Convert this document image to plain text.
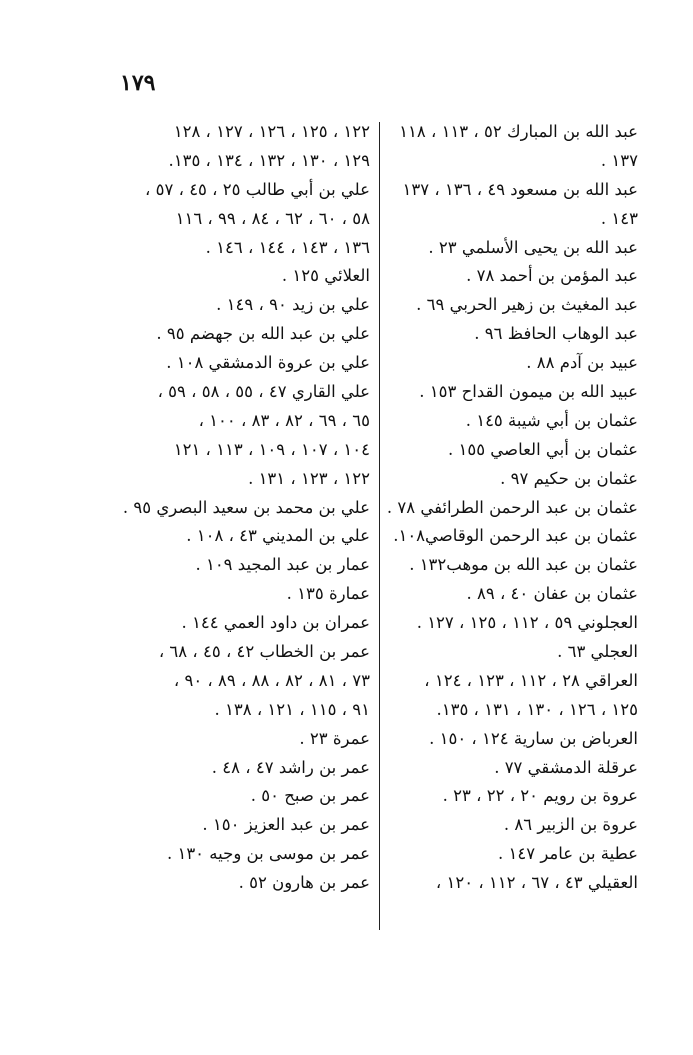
١٧٩
عبد الله بن المبارك ٥٢ ، ١١٣ ، ١١٨
١٣٧ .
عبد الله بن مسعود ٤٩ ، ١٣٦ ، ١٣٧
١٤٣ .
عبد الله بن يحيى الأسلمي ٢٣ .
عبد المؤمن بن أحمد ٧٨ .
عبد المغيث بن زهير الحربي ٦٩ .
عبد الوهاب الحافظ ٩٦ .
عبيد بن آدم ٨٨ .
عبيد الله بن ميمون القداح ١٥٣ .
عثمان بن أبي شيبة ١٤٥ .
عثمان بن أبي العاصي ١٥٥ .
عثمان بن حكيم ٩٧ .
عثمان بن عبد الرحمن الطرائفي ٧٨ .
عثمان بن عبد الرحمن الوقاصي١٠٨.
عثمان بن عبد الله بن موهب١٣٢ .
عثمان بن عفان ٤٠ ، ٨٩ .
العجلوني ٥٩ ، ١١٢ ، ١٢٥ ، ١٢٧ .
العجلي ٦٣ .
العراقي ٢٨ ، ١١٢ ، ١٢٣ ، ١٢٤ ،
١٢٥ ، ١٢٦ ، ١٣٠ ، ١٣١ ، ١٣٥.
العرباض بن سارية ١٢٤ ، ١٥٠ .
عرقلة الدمشقي ٧٧ .
عروة بن رويم ٢٠ ، ٢٢ ، ٢٣ .
عروة بن الزبير ٨٦ .
عطية بن عامر ١٤٧ .
العقيلي ٤٣ ، ٦٧ ، ١١٢ ، ١٢٠ ،
١٢٢ ، ١٢٥ ، ١٢٦ ، ١٢٧ ، ١٢٨
١٢٩ ، ١٣٠ ، ١٣٢ ، ١٣٤ ، ١٣٥.
علي بن أبي طالب ٢٥ ، ٤٥ ، ٥٧ ،
٥٨ ، ٦٠ ، ٦٢ ، ٨٤ ، ٩٩ ، ١١٦
١٣٦ ، ١٤٣ ، ١٤٤ ، ١٤٦ .
العلائي ١٢٥ .
علي بن زيد ٩٠ ، ١٤٩ .
علي بن عبد الله بن جهضم ٩٥ .
علي بن عروة الدمشقي ١٠٨ .
علي القاري ٤٧ ، ٥٥ ، ٥٨ ، ٥٩ ،
٦٥ ، ٦٩ ، ٨٢ ، ٨٣ ، ١٠٠ ،
١٠٤ ، ١٠٧ ، ١٠٩ ، ١١٣ ، ١٢١
١٢٢ ، ١٢٣ ، ١٣١ .
علي بن محمد بن سعيد البصري ٩٥ .
علي بن المديني ٤٣ ، ١٠٨ .
عمار بن عبد المجيد ١٠٩ .
عمارة ١٣٥ .
عمران بن داود العمي ١٤٤ .
عمر بن الخطاب ٤٢ ، ٤٥ ، ٦٨ ،
٧٣ ، ٨١ ، ٨٢ ، ٨٨ ، ٨٩ ، ٩٠ ،
٩١ ، ١١٥ ، ١٢١ ، ١٣٨ .
عمرة ٢٣ .
عمر بن راشد ٤٧ ، ٤٨ .
عمر بن صبح ٥٠ .
عمر بن عبد العزيز ١٥٠ .
عمر بن موسى بن وجيه ١٣٠ .
عمر بن هارون ٥٢ .
